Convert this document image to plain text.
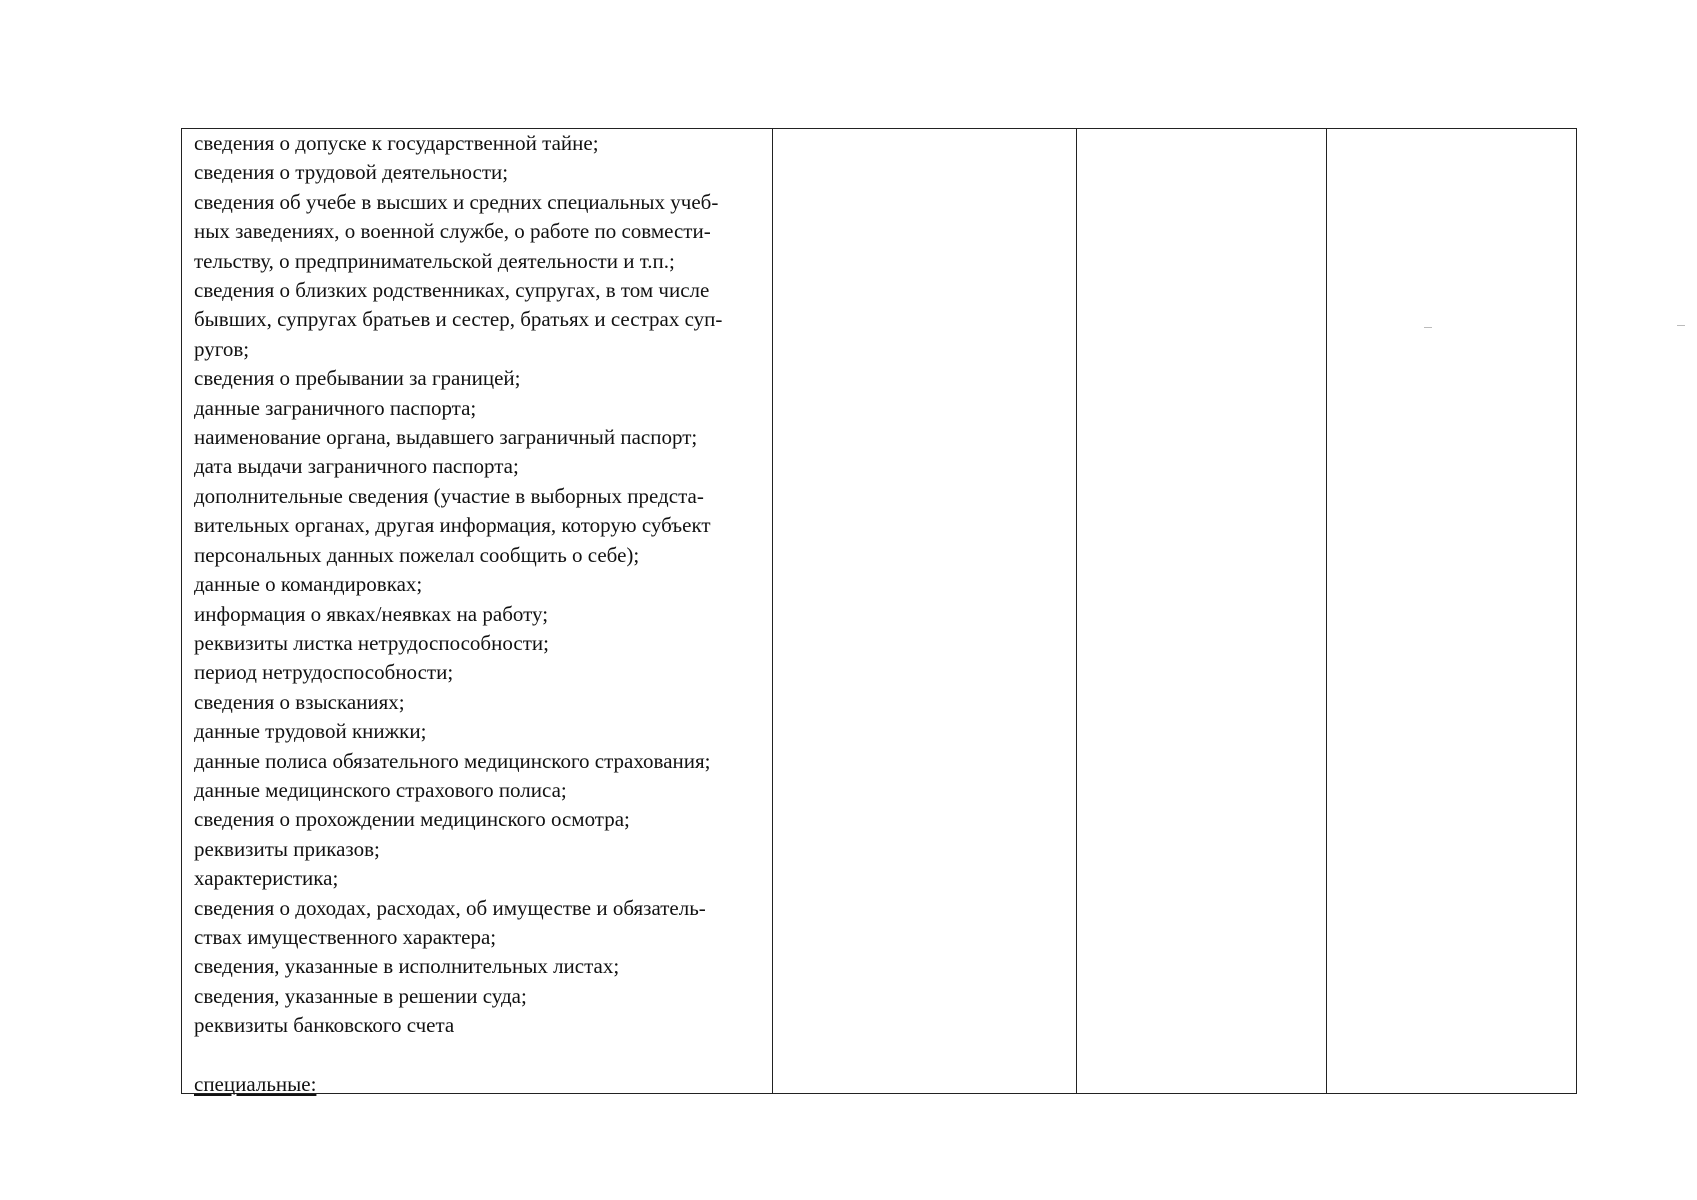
сведения о допуске к государственной тайне;
сведения о трудовой деятельности;
сведения об учебе в высших и средних специальных учеб-
ных заведениях, о военной службе, о работе по совмести-
тельству, о предпринимательской деятельности и т.п.;
сведения о близких родственниках, супругах, в том числе
бывших, супругах братьев и сестер, братьях и сестрах суп-
ругов;
сведения о пребывании за границей;
данные заграничного паспорта;
наименование органа, выдавшего заграничный паспорт;
дата выдачи заграничного паспорта;
дополнительные сведения (участие в выборных предста-
вительных органах, другая информация, которую субъект
персональных данных пожелал сообщить о себе);
данные о командировках;
информация о явках/неявках на работу;
реквизиты листка нетрудоспособности;
период нетрудоспособности;
сведения о взысканиях;
данные трудовой книжки;
данные полиса обязательного медицинского страхования;
данные медицинского страхового полиса;
сведения о прохождении медицинского осмотра;
реквизиты приказов;
характеристика;
сведения о доходах, расходах, об имуществе и обязатель-
ствах имущественного характера;
сведения, указанные в исполнительных листах;
сведения, указанные в решении суда;
реквизиты банковского счета
специальные:
